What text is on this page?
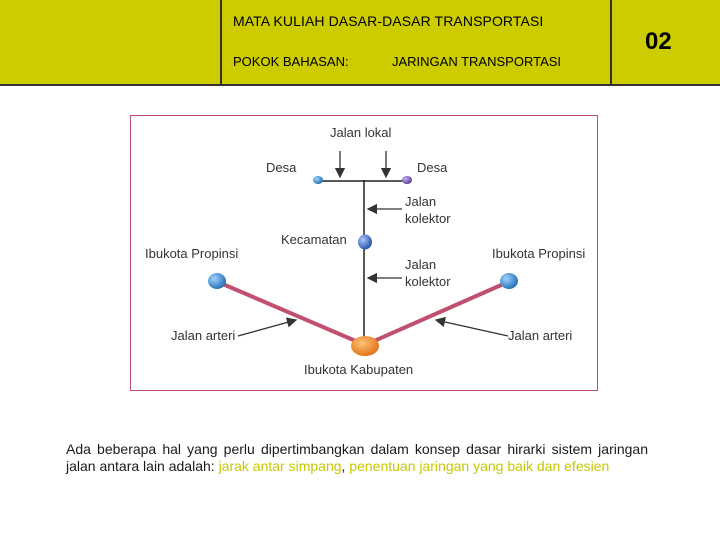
MATA KULIAH DASAR-DASAR TRANSPORTASI
POKOK BAHASAN:	JARINGAN TRANSPORTASI
02
Jalan lokal
Desa	Desa
Jalan
kolektor
Kecamatan
Ibukota Propinsi	Ibukota Propinsi
Jalan
kolektor
Jalan arteri	Jalan arteri
Ibukota Kabupaten
Ada beberapa hal yang perlu dipertimbangkan dalam konsep dasar hirarki sistem jaringan jalan antara lain adalah: jarak antar simpang, penentuan jaringan yang baik dan efesien
